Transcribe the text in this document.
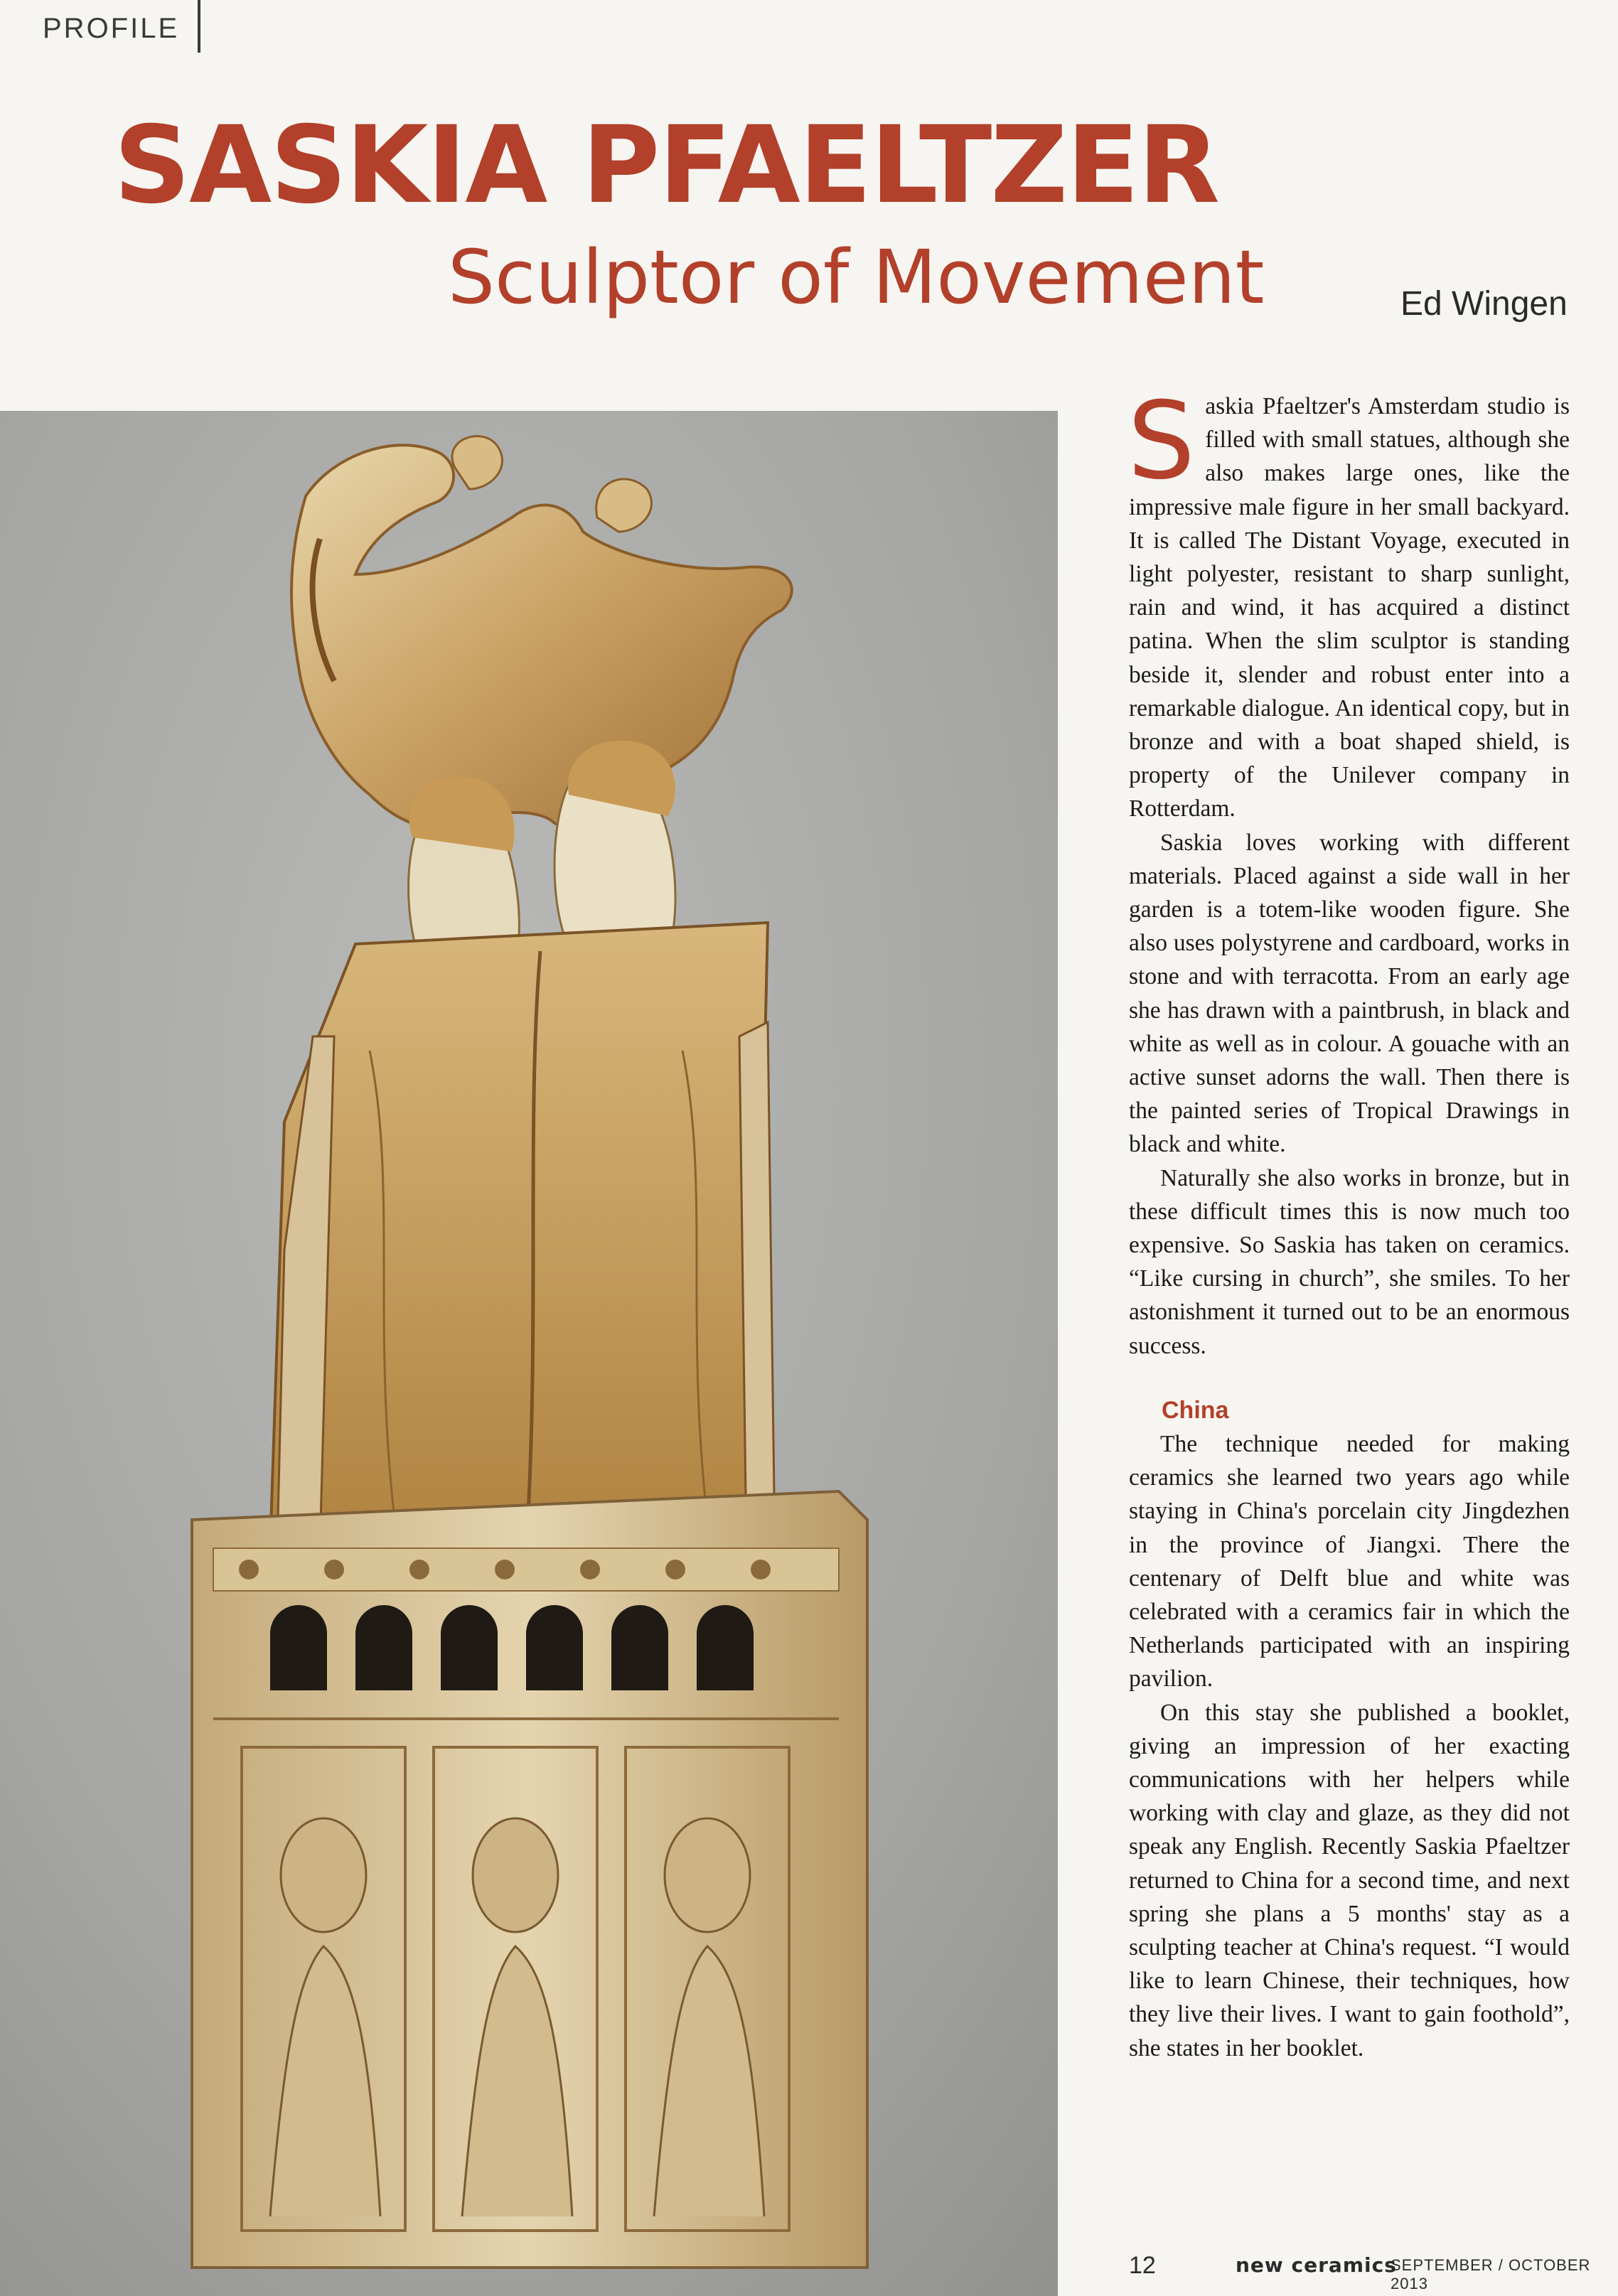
PROFILE
SASKIA PFAELTZER
Sculptor of Movement	Ed Wingen

Saskia Pfaeltzer's Amsterdam studio is filled with small statues, although she also makes large ones, like the impressive male figure in her small backyard. It is called The Distant Voyage, executed in light polyester, resistant to sharp sunlight, rain and wind, it has acquired a distinct patina. When the slim sculptor is standing beside it, slender and robust enter into a remarkable dialogue. An identical copy, but in bronze and with a boat shaped shield, is property of the Unilever company in Rotterdam.

Saskia loves working with different materials. Placed against a side wall in her garden is a totem-like wooden figure. She also uses polystyrene and cardboard, works in stone and with terracotta. From an early age she has drawn with a paintbrush, in black and white as well as in colour. A gouache with an active sunset adorns the wall. Then there is the painted series of Tropical Drawings in black and white.

Naturally she also works in bronze, but in these difficult times this is now much too expensive. So Saskia has taken on ceramics. “Like cursing in church”, she smiles. To her astonishment it turned out to be an enormous success.

China

The technique needed for making ceramics she learned two years ago while staying in China's porcelain city Jingdezhen in the province of Jiangxi. There the centenary of Delft blue and white was celebrated with a ceramics fair in which the Netherlands participated with an inspiring pavilion.

On this stay she published a booklet, giving an impression of her exacting communications with her helpers while working with clay and glaze, as they did not speak any English. Recently Saskia Pfaeltzer returned to China for a second time, and next spring she plans a 5 months' stay as a sculpting teacher at China's request. “I would like to learn Chinese, their techniques, how they live their lives. I want to gain foothold”, she states in her booklet.

12	new ceramics
SEPTEMBER / OCTOBER 2013
